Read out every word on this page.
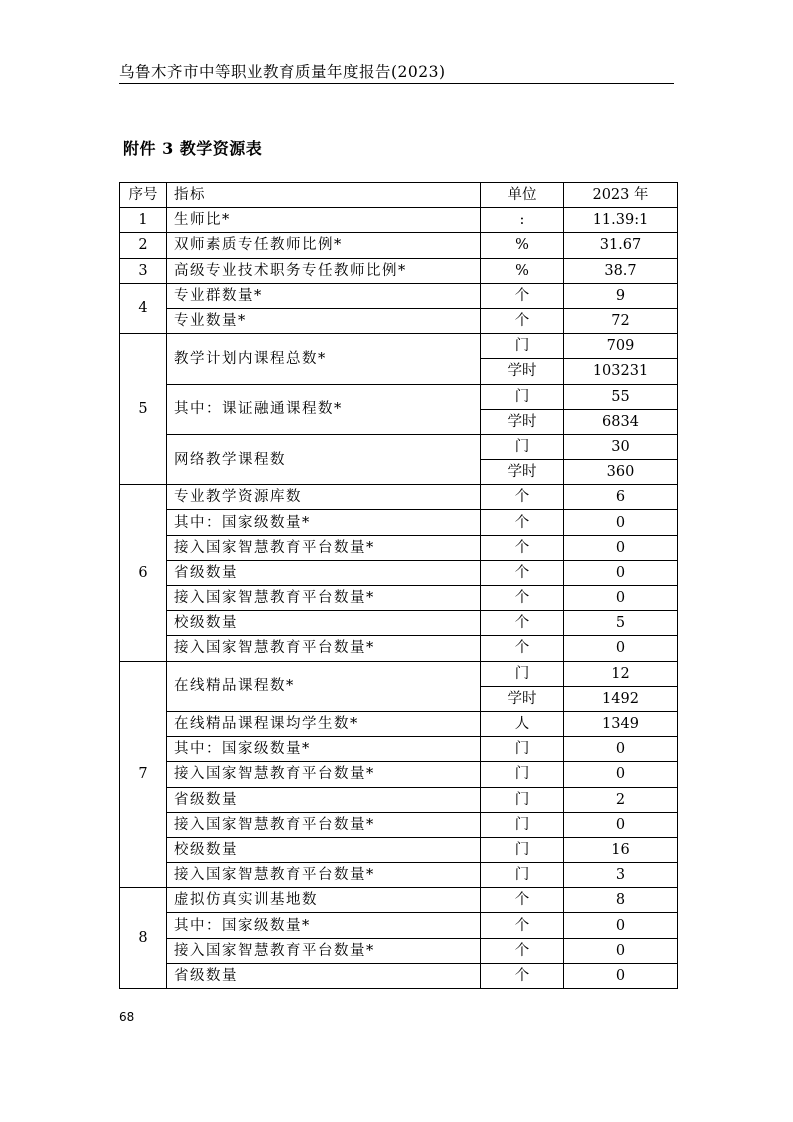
乌鲁木齐市中等职业教育质量年度报告(2023)
附件 3 教学资源表
序号	指标	单位	2023 年
1	生师比*	:	11.39:1
2	双师素质专任教师比例*	%	31.67
3	高级专业技术职务专任教师比例*	%	38.7
4	专业群数量*	个	9
	专业数量*	个	72
5	教学计划内课程总数*	门	709
		学时	103231
	其中：课证融通课程数*	门	55
		学时	6834
	网络教学课程数	门	30
		学时	360
6	专业教学资源库数	个	6
	其中：国家级数量*	个	0
	接入国家智慧教育平台数量*	个	0
	省级数量	个	0
	接入国家智慧教育平台数量*	个	0
	校级数量	个	5
	接入国家智慧教育平台数量*	个	0
7	在线精品课程数*	门	12
		学时	1492
	在线精品课程课均学生数*	人	1349
	其中：国家级数量*	门	0
	接入国家智慧教育平台数量*	门	0
	省级数量	门	2
	接入国家智慧教育平台数量*	门	0
	校级数量	门	16
	接入国家智慧教育平台数量*	门	3
8	虚拟仿真实训基地数	个	8
	其中：国家级数量*	个	0
	接入国家智慧教育平台数量*	个	0
	省级数量	个	0
68
